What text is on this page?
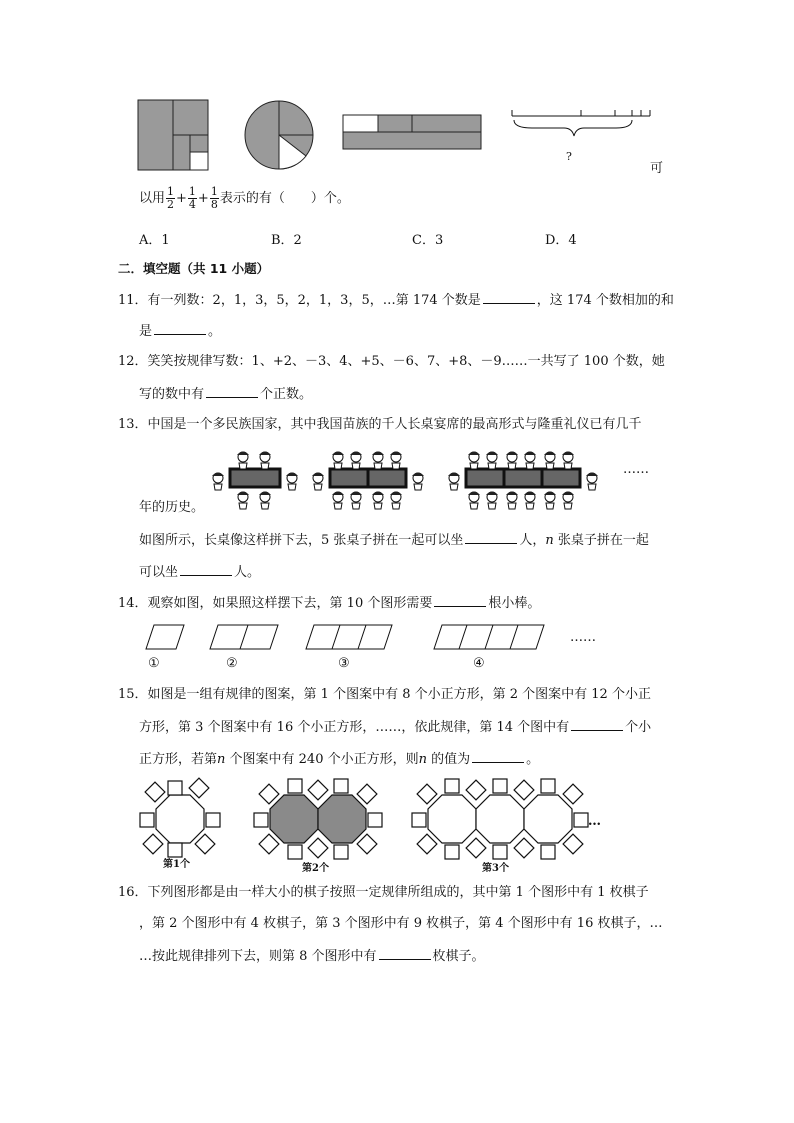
?
可
以用 $\frac{1}{2} + \frac{1}{4} + \frac{1}{8}$ 表示的有（　　）个。
A．1	B．2	C．3	D．4
二．填空题（共 11 小题）
11．有一列数：2，1，3，5，2，1，3，5，…第 174 个数是	，这 174 个数相加的和
是	。
12．笑笑按规律写数：1、+2、－3、4、+5、－6、7、+8、－9……一共写了 100 个数，她
写的数中有	个正数。
13．中国是一个多民族国家，其中我国苗族的千人长桌宴席的最高形式与隆重礼仪已有几千
……
年的历史。
如图所示，长桌像这样拼下去，5 张桌子拼在一起可以坐	人，n 张桌子拼在一起
可以坐	人。
14．观察如图，如果照这样摆下去，第 10 个图形需要	根小棒。
……
①	②	③	④
15．如图是一组有规律的图案，第 1 个图案中有 8 个小正方形，第 2 个图案中有 12 个小正
方形，第 3 个图案中有 16 个小正方形，……，依此规律，第 14 个图中有	个小
正方形，若第n 个图案中有 240 个小正方形，则n 的值为	。
…
第1个	第2个	第3个
16．下列图形都是由一样大小的棋子按照一定规律所组成的，其中第 1 个图形中有 1 枚棋子
，第 2 个图形中有 4 枚棋子，第 3 个图形中有 9 枚棋子，第 4 个图形中有 16 枚棋子，…
…按此规律排列下去，则第 8 个图形中有	枚棋子。
